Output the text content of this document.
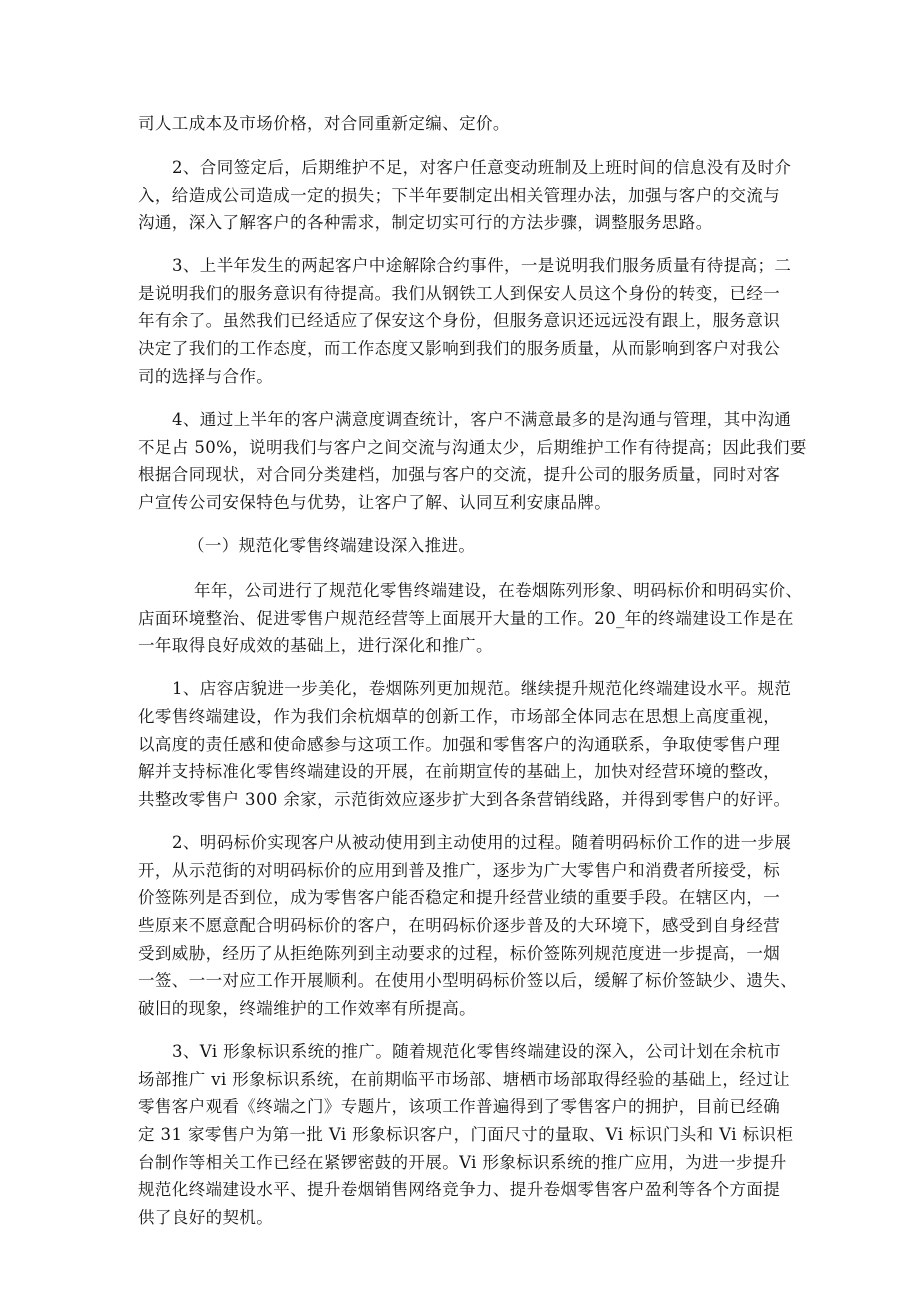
司人工成本及市场价格，对合同重新定编、定价。
2、合同签定后，后期维护不足，对客户任意变动班制及上班时间的信息没有及时介
入，给造成公司造成一定的损失；下半年要制定出相关管理办法，加强与客户的交流与
沟通，深入了解客户的各种需求，制定切实可行的方法步骤，调整服务思路。
3、上半年发生的两起客户中途解除合约事件，一是说明我们服务质量有待提高；二
是说明我们的服务意识有待提高。我们从钢铁工人到保安人员这个身份的转变，已经一
年有余了。虽然我们已经适应了保安这个身份，但服务意识还远远没有跟上，服务意识
决定了我们的工作态度，而工作态度又影响到我们的服务质量，从而影响到客户对我公
司的选择与合作。
4、通过上半年的客户满意度调查统计，客户不满意最多的是沟通与管理，其中沟通
不足占 50%，说明我们与客户之间交流与沟通太少，后期维护工作有待提高；因此我们要
根据合同现状，对合同分类建档，加强与客户的交流，提升公司的服务质量，同时对客
户宣传公司安保特色与优势，让客户了解、认同互利安康品牌。
（一）规范化零售终端建设深入推进。
年年，公司进行了规范化零售终端建设，在卷烟陈列形象、明码标价和明码实价、
店面环境整治、促进零售户规范经营等上面展开大量的工作。20_年的终端建设工作是在
一年取得良好成效的基础上，进行深化和推广。
1、店容店貌进一步美化，卷烟陈列更加规范。继续提升规范化终端建设水平。规范
化零售终端建设，作为我们余杭烟草的创新工作，市场部全体同志在思想上高度重视，
以高度的责任感和使命感参与这项工作。加强和零售客户的沟通联系，争取使零售户理
解并支持标准化零售终端建设的开展，在前期宣传的基础上，加快对经营环境的整改，
共整改零售户 300 余家，示范街效应逐步扩大到各条营销线路，并得到零售户的好评。
2、明码标价实现客户从被动使用到主动使用的过程。随着明码标价工作的进一步展
开，从示范街的对明码标价的应用到普及推广，逐步为广大零售户和消费者所接受，标
价签陈列是否到位，成为零售客户能否稳定和提升经营业绩的重要手段。在辖区内，一
些原来不愿意配合明码标价的客户，在明码标价逐步普及的大环境下，感受到自身经营
受到威胁，经历了从拒绝陈列到主动要求的过程，标价签陈列规范度进一步提高，一烟
一签、一一对应工作开展顺利。在使用小型明码标价签以后，缓解了标价签缺少、遗失、
破旧的现象，终端维护的工作效率有所提高。
3、Vi 形象标识系统的推广。随着规范化零售终端建设的深入，公司计划在余杭市
场部推广 vi 形象标识系统，在前期临平市场部、塘栖市场部取得经验的基础上，经过让
零售客户观看《终端之门》专题片，该项工作普遍得到了零售客户的拥护，目前已经确
定 31 家零售户为第一批 Vi 形象标识客户，门面尺寸的量取、Vi 标识门头和 Vi 标识柜
台制作等相关工作已经在紧锣密鼓的开展。Vi 形象标识系统的推广应用，为进一步提升
规范化终端建设水平、提升卷烟销售网络竞争力、提升卷烟零售客户盈利等各个方面提
供了良好的契机。
